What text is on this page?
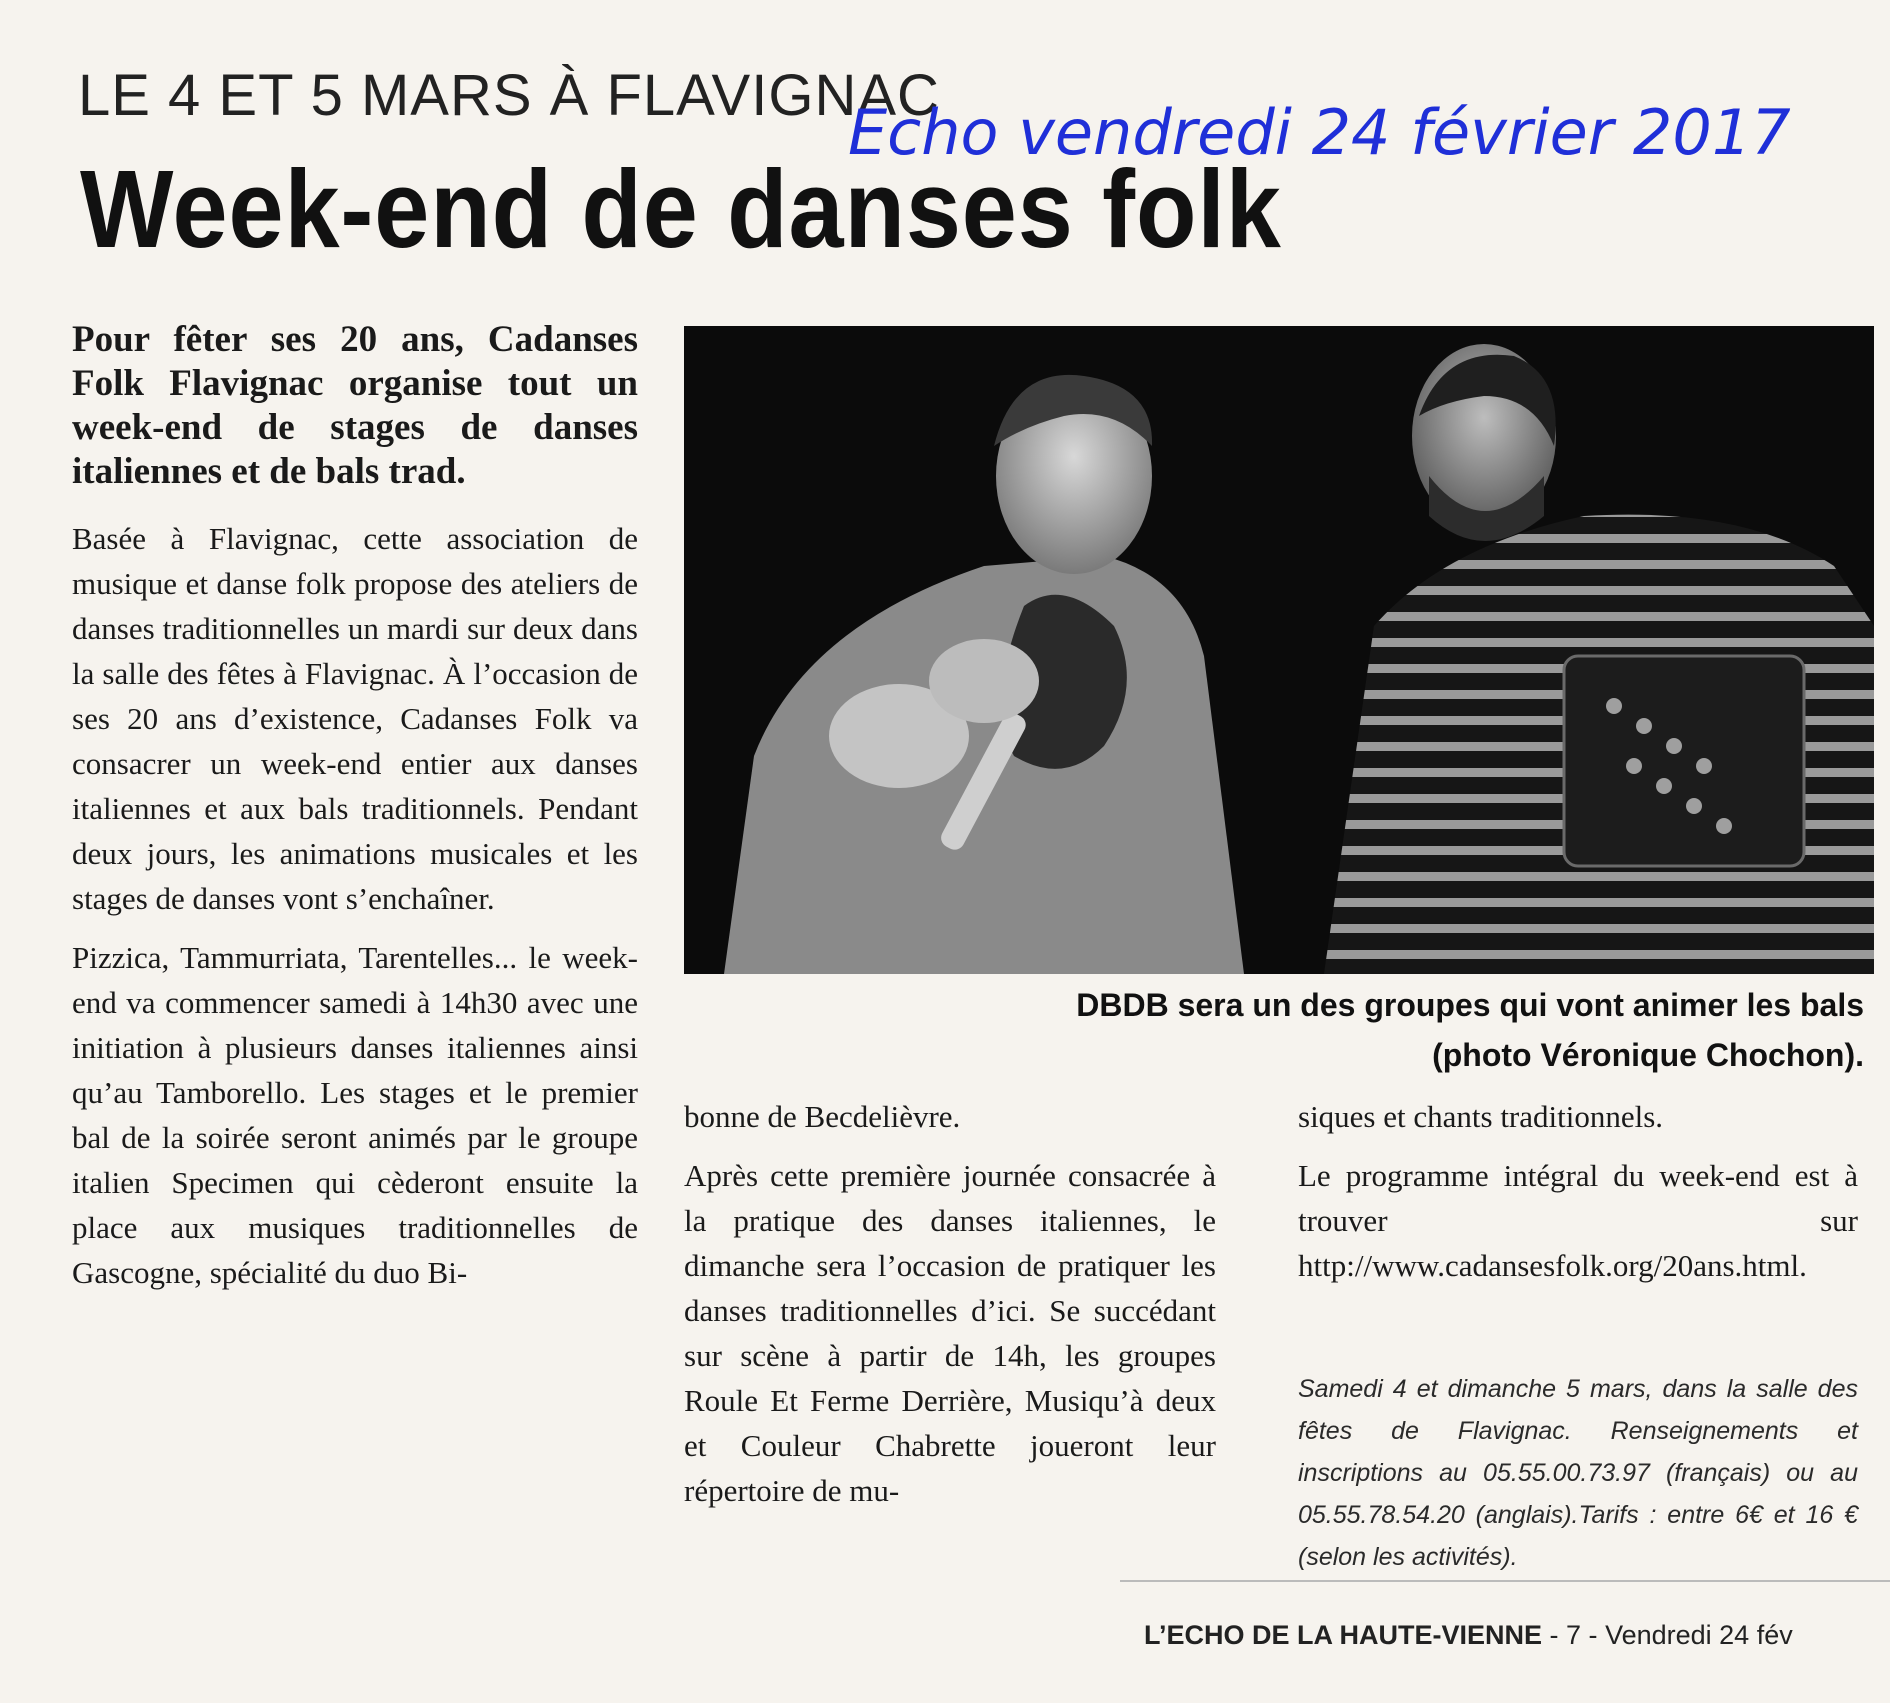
LE 4 ET 5 MARS À FLAVIGNAC
Echo vendredi 24 février 2017
Week-end de danses folk

Pour fêter ses 20 ans, Cadanses Folk Flavignac organise tout un week-end de stages de danses italiennes et de bals trad.

Basée à Flavignac, cette association de musique et danse folk propose des ateliers de danses traditionnelles un mardi sur deux dans la salle des fêtes à Flavignac. À l’occasion de ses 20 ans d’existence, Cadanses Folk va consacrer un week-end entier aux danses italiennes et aux bals traditionnels. Pendant deux jours, les animations musicales et les stages de danses vont s’enchaîner.

Pizzica, Tammurriata, Tarentelles... le week-end va commencer samedi à 14h30 avec une initiation à plusieurs danses italiennes ainsi qu’au Tamborello. Les stages et le premier bal de la soirée seront animés par le groupe italien Specimen qui cèderont ensuite la place aux musiques traditionnelles de Gascogne, spécialité du duo Bi-

DBDB sera un des groupes qui vont animer les bals
(photo Véronique Chochon).

bonne de Becdelièvre.

Après cette première journée consacrée à la pratique des danses italiennes, le dimanche sera l’occasion de pratiquer les danses traditionnelles d’ici. Se succédant sur scène à partir de 14h, les groupes Roule Et Ferme Derrière, Musiqu’à deux et Couleur Chabrette joueront leur répertoire de mu-

siques et chants traditionnels.

Le programme intégral du week-end est à trouver sur http://www.cadansesfolk.org/20ans.html.

Samedi 4 et dimanche 5 mars, dans la salle des fêtes de Flavignac. Renseignements et inscriptions au 05.55.00.73.97 (français) ou au 05.55.78.54.20 (anglais).Tarifs : entre 6€ et 16 € (selon les activités).
L’ECHO DE LA HAUTE-VIENNE - 7 - Vendredi 24 fév
